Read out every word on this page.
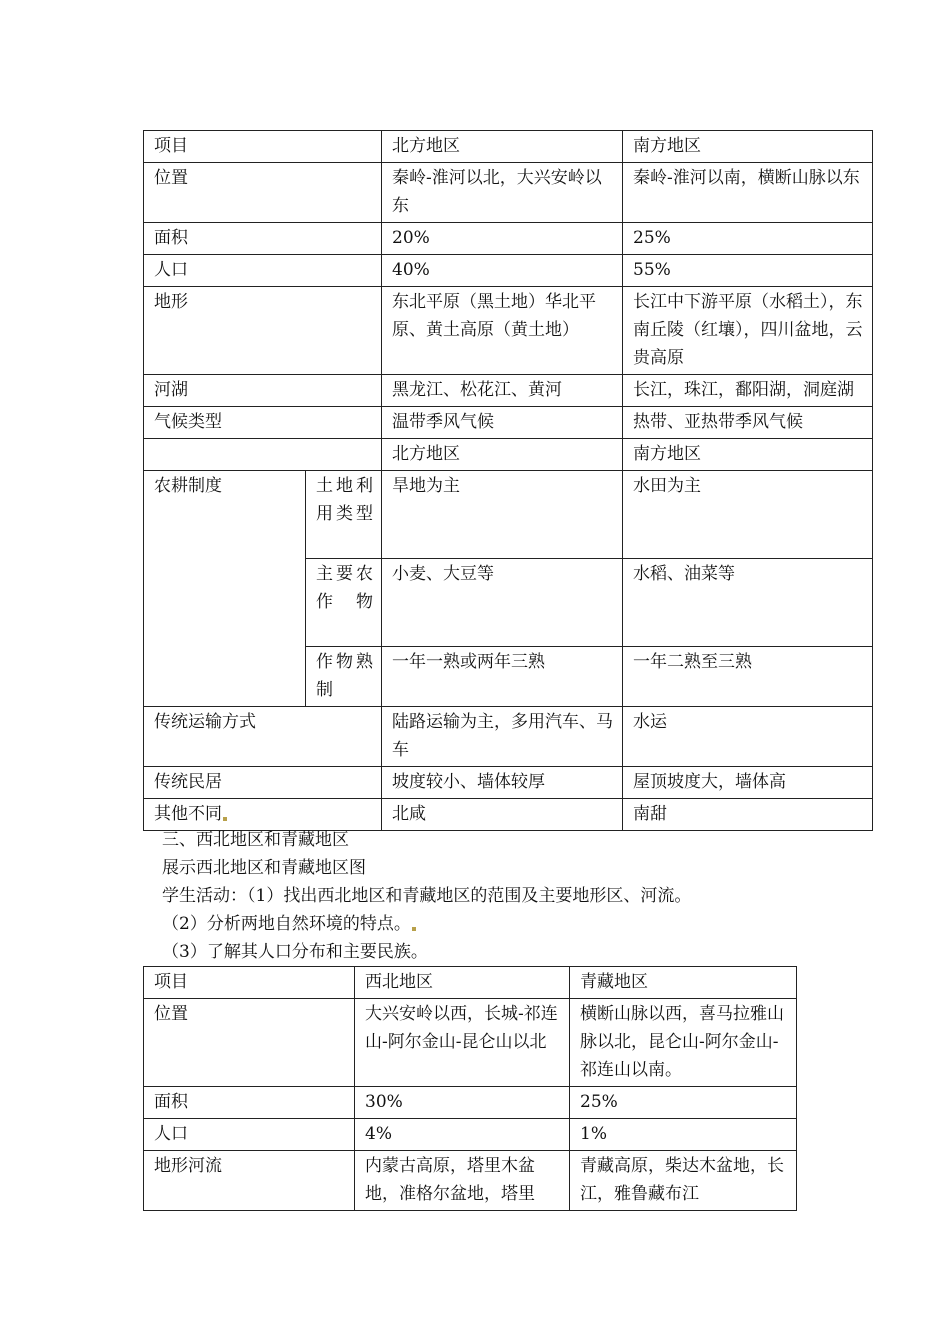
项目		北方地区	南方地区
位置		秦岭-淮河以北，大兴安岭以东	秦岭-淮河以南，横断山脉以东
面积		20%	25%
人口		40%	55%
地形		东北平原（黑土地）华北平原、黄土高原（黄土地）	长江中下游平原（水稻土），东南丘陵（红壤），四川盆地，云贵高原
河湖		黑龙江、松花江、黄河	长江，珠江，鄱阳湖，洞庭湖
气候类型		温带季风气候	热带、亚热带季风气候
		北方地区	南方地区
农耕制度	土地利用类型	旱地为主	水田为主

	主要农作物	小麦、大豆等	水稻、油菜等

	作物熟制	一年一熟或两年三熟	一年二熟至三熟
传统运输方式		陆路运输为主，多用汽车、马车	水运
传统民居		坡度较小、墙体较厚	屋顶坡度大，墙体高
其他不同		北咸	南甜
三、西北地区和青藏地区
展示西北地区和青藏地区图
学生活动：（1）找出西北地区和青藏地区的范围及主要地形区、河流。
（2）分析两地自然环境的特点。
（3）了解其人口分布和主要民族。
项目	西北地区	青藏地区
位置	大兴安岭以西，长城-祁连山-阿尔金山-昆仑山以北	横断山脉以西，喜马拉雅山脉以北，昆仑山-阿尔金山-祁连山以南。
面积	30%	25%
人口	4%	1%
地形河流	内蒙古高原，塔里木盆地，准格尔盆地，塔里	青藏高原，柴达木盆地，长江，雅鲁藏布江
